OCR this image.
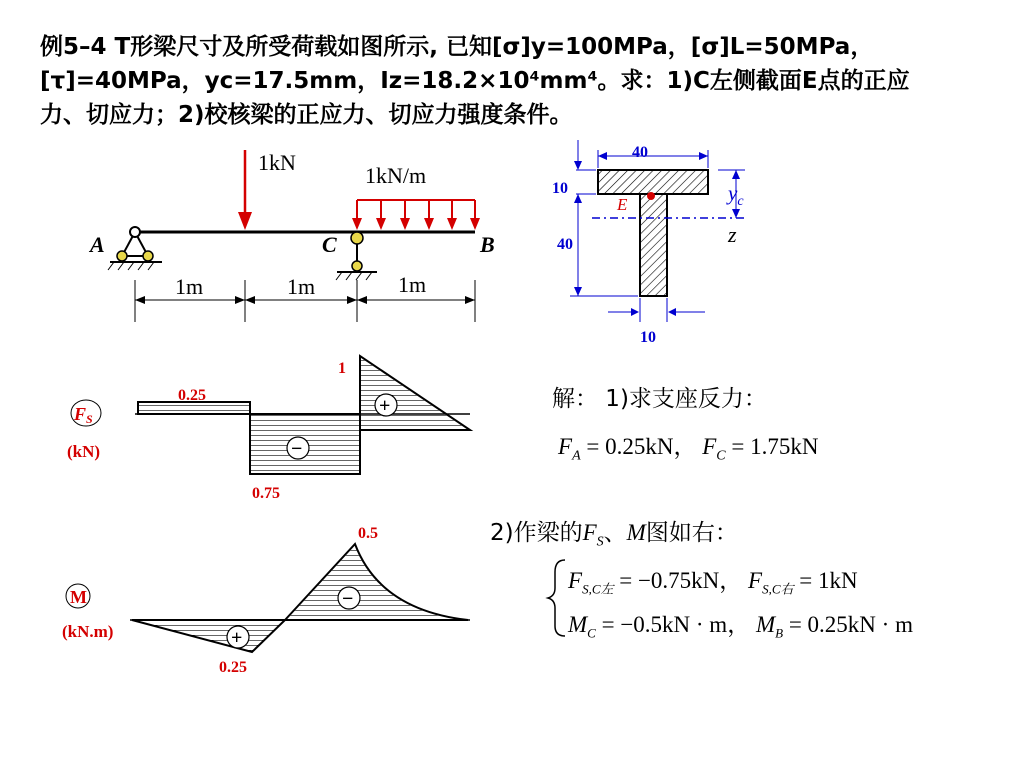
例5–4 T形梁尺寸及所受荷载如图所示, 已知[σ]y=100MPa，[σ]L=50MPa，

[τ]=40MPa，yc=17.5mm，Iz=18.2×10⁴mm⁴。求：1)C左侧截面E点的正应

力、切应力；2)校核梁的正应力、切应力强度条件。

1kN
1kN/m
A	C	B
1m	1m	1m
E
z
$y_c$
40
10
40
10
+
−
0.25
0.75
1
FS
(kN)
+
−
0.5
0.25
M
(kN.m)
解： 1)求支座反力：
$F_A = 0.25kN$， $F_C = 1.75kN$
2)作梁的$F_S$、M图如右：
$F_{S,C左} = -0.75kN$， $F_{S,C右} = 1kN$
$M_C = -0.5kN \cdot m$， $M_B = 0.25kN \cdot m$
